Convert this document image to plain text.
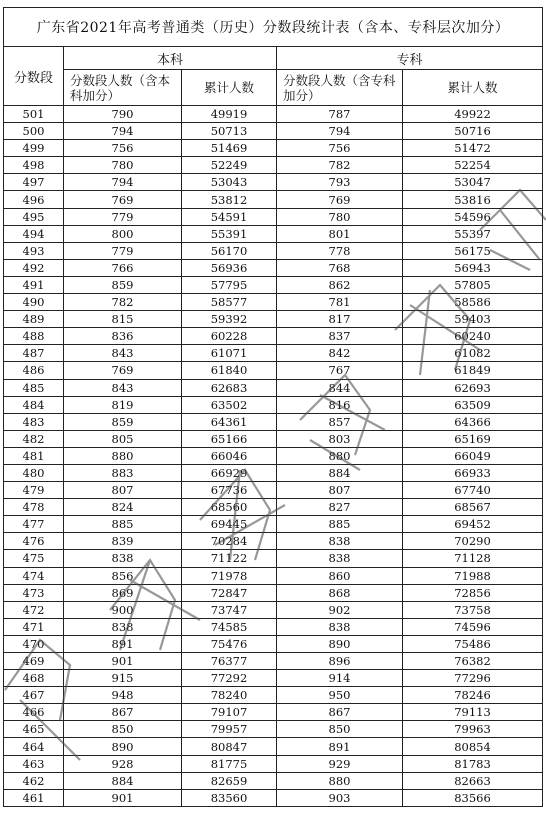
广东省2021年高考普通类（历史）分数段统计表（含本、专科层次加分）				
分数段	本科		专科	
	分数段人数（含本科加分）	累计人数	分数段人数（含专科加分）	累计人数
501	790	49919	787	49922
500	794	50713	794	50716
499	756	51469	756	51472
498	780	52249	782	52254
497	794	53043	793	53047
496	769	53812	769	53816
495	779	54591	780	54596
494	800	55391	801	55397
493	779	56170	778	56175
492	766	56936	768	56943
491	859	57795	862	57805
490	782	58577	781	58586
489	815	59392	817	59403
488	836	60228	837	60240
487	843	61071	842	61082
486	769	61840	767	61849
485	843	62683	844	62693
484	819	63502	816	63509
483	859	64361	857	64366
482	805	65166	803	65169
481	880	66046	880	66049
480	883	66929	884	66933
479	807	67736	807	67740
478	824	68560	827	68567
477	885	69445	885	69452
476	839	70284	838	70290
475	838	71122	838	71128
474	856	71978	860	71988
473	869	72847	868	72856
472	900	73747	902	73758
471	838	74585	838	74596
470	891	75476	890	75486
469	901	76377	896	76382
468	915	77292	914	77296
467	948	78240	950	78246
466	867	79107	867	79113
465	850	79957	850	79963
464	890	80847	891	80854
463	928	81775	929	81783
462	884	82659	880	82663
461	901	83560	903	83566
